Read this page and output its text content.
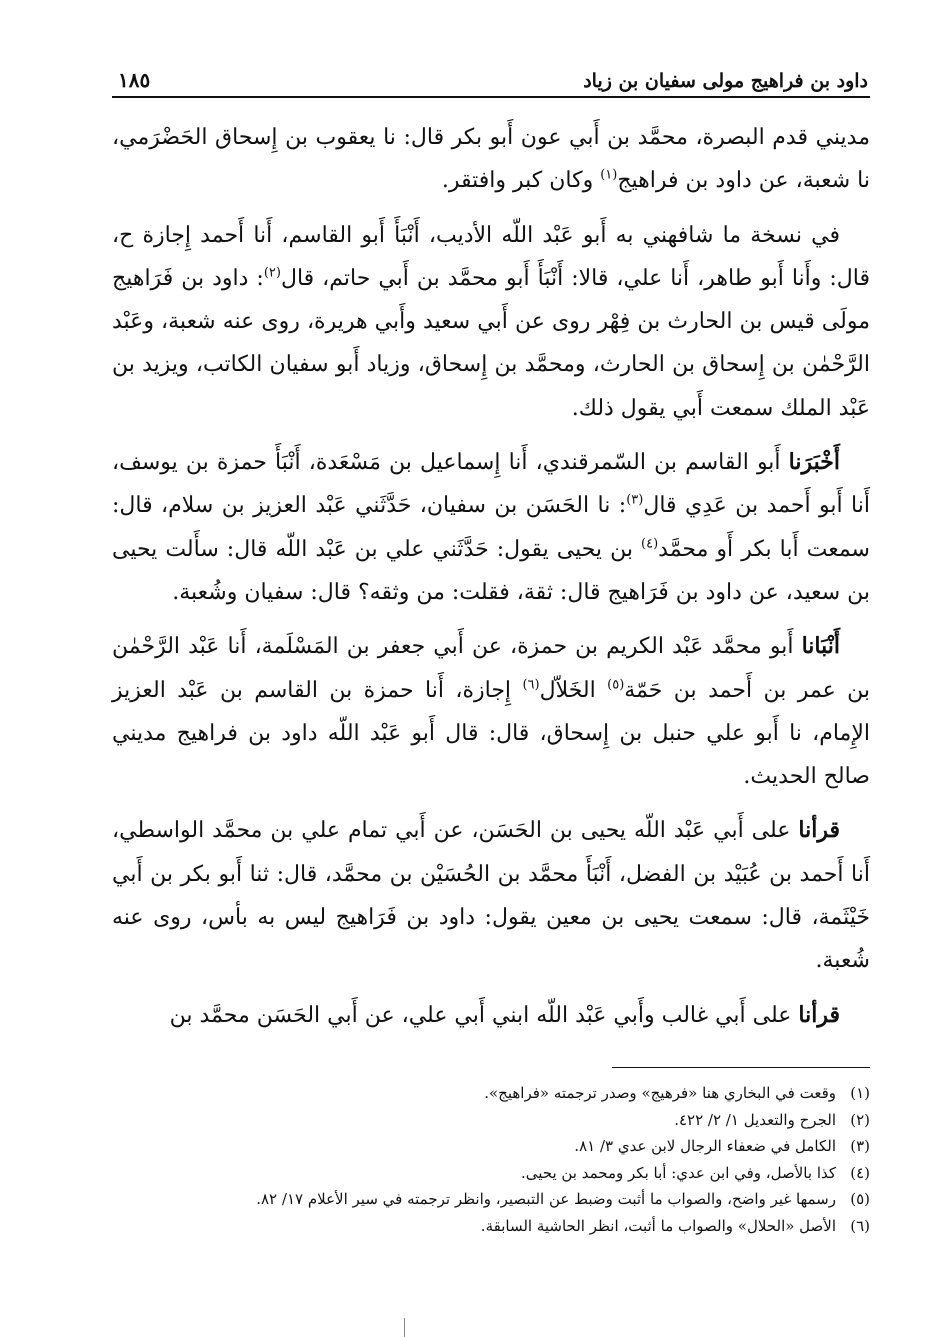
داود بن فراهيج مولى سفيان بن زياد
١٨٥

مديني قدم البصرة، محمَّد بن أَبي عون أَبو بكر قال: نا يعقوب بن إِسحاق الحَضْرَمي، نا شعبة، عن داود بن فراهيج$^{(١)}$ وكان كبر وافتقر.

في نسخة ما شافهني به أَبو عَبْد اللّه الأديب، أَنْبَأَ أَبو القاسم، أَنا أَحمد إِجازة ح، قال: وأَنا أَبو طاهر، أَنا علي، قالا: أَنْبَأَ أَبو محمَّد بن أَبي حاتم، قال$^{(٢)}$: داود بن فَرَاهيج مولَى قيس بن الحارث بن فِهْر روى عن أَبي سعيد وأَبي هريرة، روى عنه شعبة، وعَبْد الرَّحْمٰن بن إِسحاق بن الحارث، ومحمَّد بن إِسحاق، وزياد أَبو سفيان الكاتب، ويزيد بن عَبْد الملك سمعت أَبي يقول ذلك.

أَخْبَرَنا أَبو القاسم بن السّمرقندي، أَنا إِسماعيل بن مَسْعَدة، أَنْبَأَ حمزة بن يوسف، أَنا أَبو أَحمد بن عَدِي قال$^{(٣)}$: نا الحَسَن بن سفيان، حَدَّثَني عَبْد العزيز بن سلام، قال: سمعت أَبا بكر أَو محمَّد$^{(٤)}$ بن يحيى يقول: حَدَّثَني علي بن عَبْد اللّه قال: سأَلت يحيى بن سعيد، عن داود بن فَرَاهيج قال: ثقة، فقلت: من وثقه؟ قال: سفيان وشُعبة.

أَنْبَانا أَبو محمَّد عَبْد الكريم بن حمزة، عن أَبي جعفر بن المَسْلَمة، أَنا عَبْد الرَّحْمٰن بن عمر بن أَحمد بن حَمّة$^{(٥)}$ الخَلاّل$^{(٦)}$ إِجازة، أَنا حمزة بن القاسم بن عَبْد العزيز الإِمام، نا أَبو علي حنبل بن إِسحاق، قال: قال أَبو عَبْد اللّه داود بن فراهيج مديني صالح الحديث.

قرأنا على أَبي عَبْد اللّه يحيى بن الحَسَن، عن أَبي تمام علي بن محمَّد الواسطي، أَنا أَحمد بن عُبَيْد بن الفضل، أَنْبَأَ محمَّد بن الحُسَيْن بن محمَّد، قال: ثنا أَبو بكر بن أَبي خَيْثَمة، قال: سمعت يحيى بن معين يقول: داود بن فَرَاهيج ليس به بأس، روى عنه شُعبة.

قرأنا على أَبي غالب وأَبي عَبْد اللّه ابني أَبي علي، عن أَبي الحَسَن محمَّد بن

(١)وقعت في البخاري هنا «فرهيج» وصدر ترجمته «فراهيج».
(٢)الجرح والتعديل ١/ ٢/ ٤٢٢.
(٣)الكامل في ضعفاء الرجال لابن عدي ٣/ ٨١.
(٤)كذا بالأصل، وفي ابن عدي: أبا بكر ومحمد بن يحيى.
(٥)رسمها غير واضح، والصواب ما أثبت وضبط عن التبصير، وانظر ترجمته في سير الأعلام ١٧/ ٨٢.
(٦)الأصل «الحلال» والصواب ما أثبت، انظر الحاشية السابقة.
